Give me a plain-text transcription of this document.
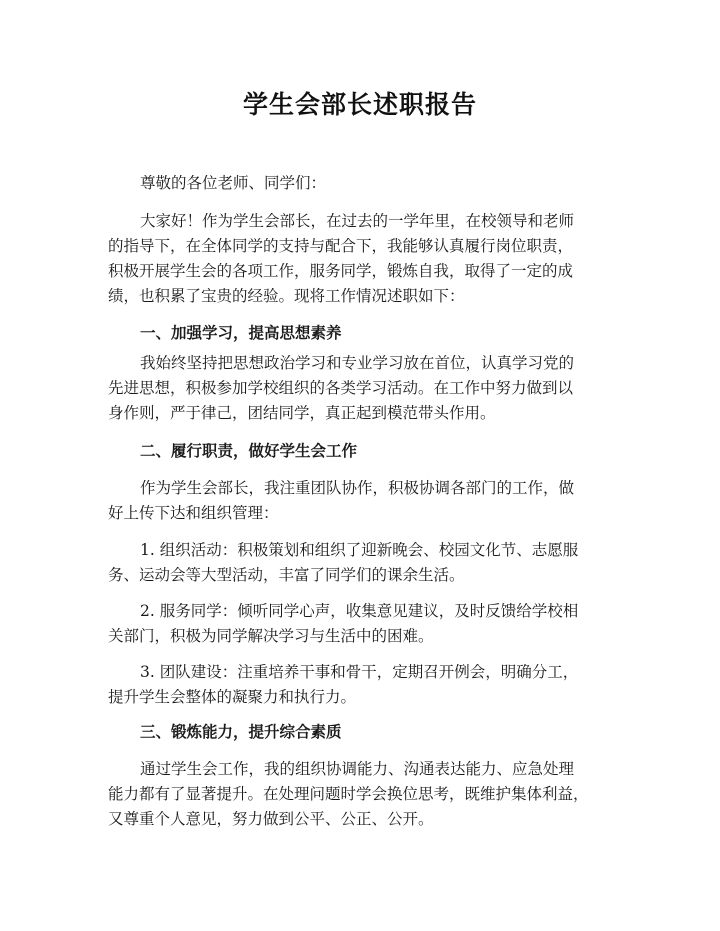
学生会部长述职报告
尊敬的各位老师、同学们：
大家好！作为学生会部长，在过去的一学年里，在校领导和老师
的指导下，在全体同学的支持与配合下，我能够认真履行岗位职责，
积极开展学生会的各项工作，服务同学，锻炼自我，取得了一定的成
绩，也积累了宝贵的经验。现将工作情况述职如下：
一、加强学习，提高思想素养
我始终坚持把思想政治学习和专业学习放在首位，认真学习党的
先进思想，积极参加学校组织的各类学习活动。在工作中努力做到以
身作则，严于律己，团结同学，真正起到模范带头作用。
二、履行职责，做好学生会工作
作为学生会部长，我注重团队协作，积极协调各部门的工作，做
好上传下达和组织管理：
1. 组织活动：积极策划和组织了迎新晚会、校园文化节、志愿服
务、运动会等大型活动，丰富了同学们的课余生活。
2. 服务同学：倾听同学心声，收集意见建议，及时反馈给学校相
关部门，积极为同学解决学习与生活中的困难。
3. 团队建设：注重培养干事和骨干，定期召开例会，明确分工，
提升学生会整体的凝聚力和执行力。
三、锻炼能力，提升综合素质
通过学生会工作，我的组织协调能力、沟通表达能力、应急处理
能力都有了显著提升。在处理问题时学会换位思考，既维护集体利益，
又尊重个人意见，努力做到公平、公正、公开。
